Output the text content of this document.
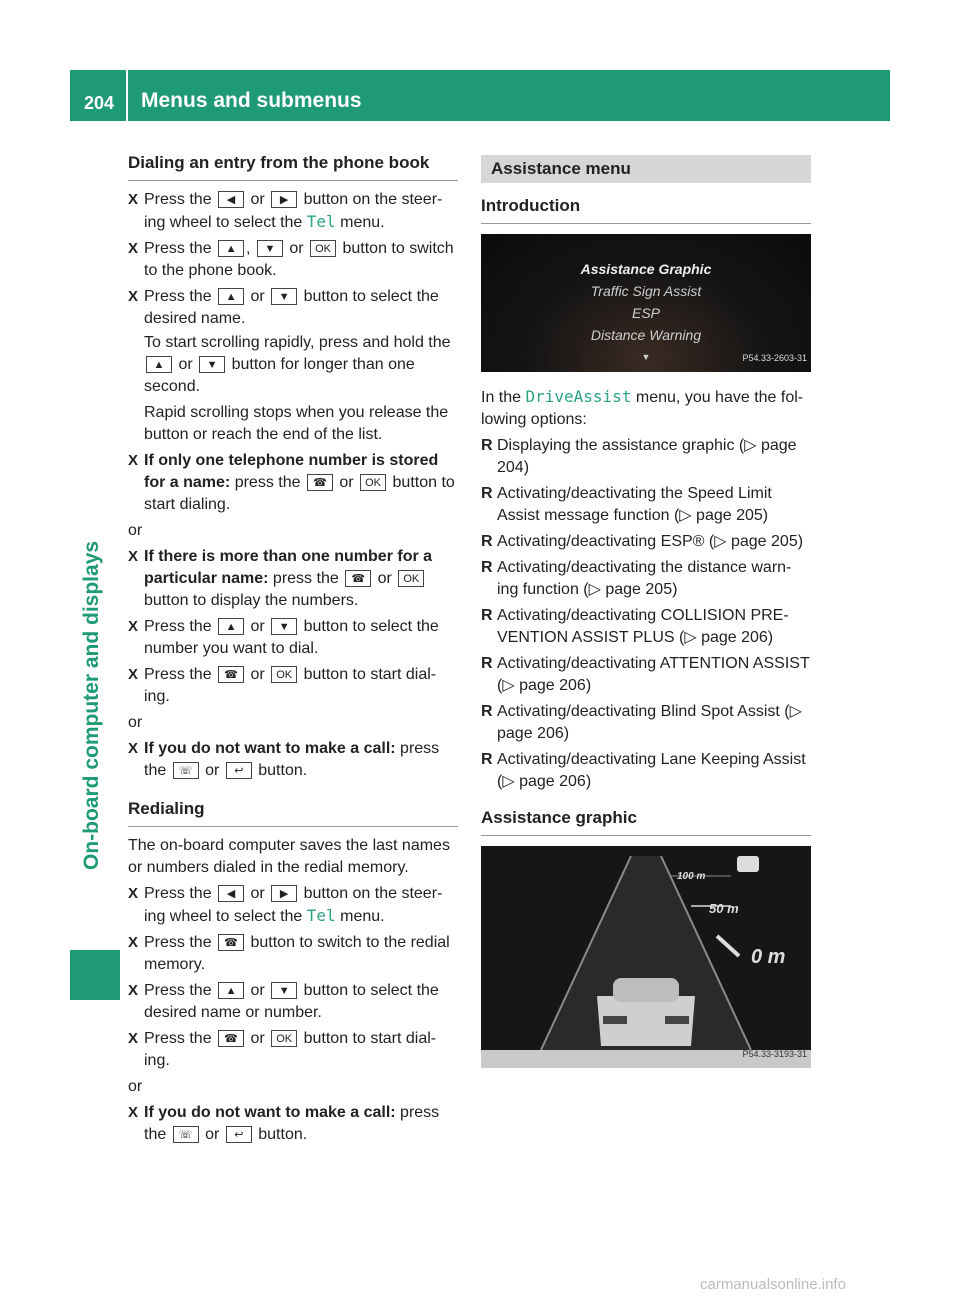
204 Menus and submenus
On-board computer and displays
Dialing an entry from the phone book
X Press the ◀ or ▶ button on the steer-ing wheel to select the Tel menu.
X Press the ▲ , ▼ or OK button to switch to the phone book.
X Press the ▲ or ▼ button to select the desired name.
To start scrolling rapidly, press and hold the ▲ or ▼ button for longer than one second.
Rapid scrolling stops when you release the button or reach the end of the list.
X If only one telephone number is stored for a name: press the ☎ or OK button to start dialing.
or
X If there is more than one number for a particular name: press the ☎ or OK button to display the numbers.
X Press the ▲ or ▼ button to select the number you want to dial.
X Press the ☎ or OK button to start dial-ing.
or
X If you do not want to make a call: press the ☏ or ↩ button.
Redialing
The on-board computer saves the last names or numbers dialed in the redial memory.
X Press the ◀ or ▶ button on the steer-ing wheel to select the Tel menu.
X Press the ☎ button to switch to the redial memory.
X Press the ▲ or ▼ button to select the desired name or number.
X Press the ☎ or OK button to start dial-ing.
or
X If you do not want to make a call: press the ☏ or ↩ button.
Assistance menu
Introduction
Assistance Graphic
Traffic Sign Assist
ESP
Distance Warning
▼	P54.33-2603-31
In the DriveAssist menu, you have the fol-lowing options:
R Displaying the assistance graphic (▷ page 204)
R Activating/deactivating the Speed Limit Assist message function (▷ page 205)
R Activating/deactivating ESP® (▷ page 205)
R Activating/deactivating the distance warn-ing function (▷ page 205)
R Activating/deactivating COLLISION PRE-VENTION ASSIST PLUS (▷ page 206)
R Activating/deactivating ATTENTION ASSIST (▷ page 206)
R Activating/deactivating Blind Spot Assist (▷ page 206)
R Activating/deactivating Lane Keeping Assist (▷ page 206)
Assistance graphic
100 m
50 m
0 m
P54.33-3193-31
carmanualsonline.info
